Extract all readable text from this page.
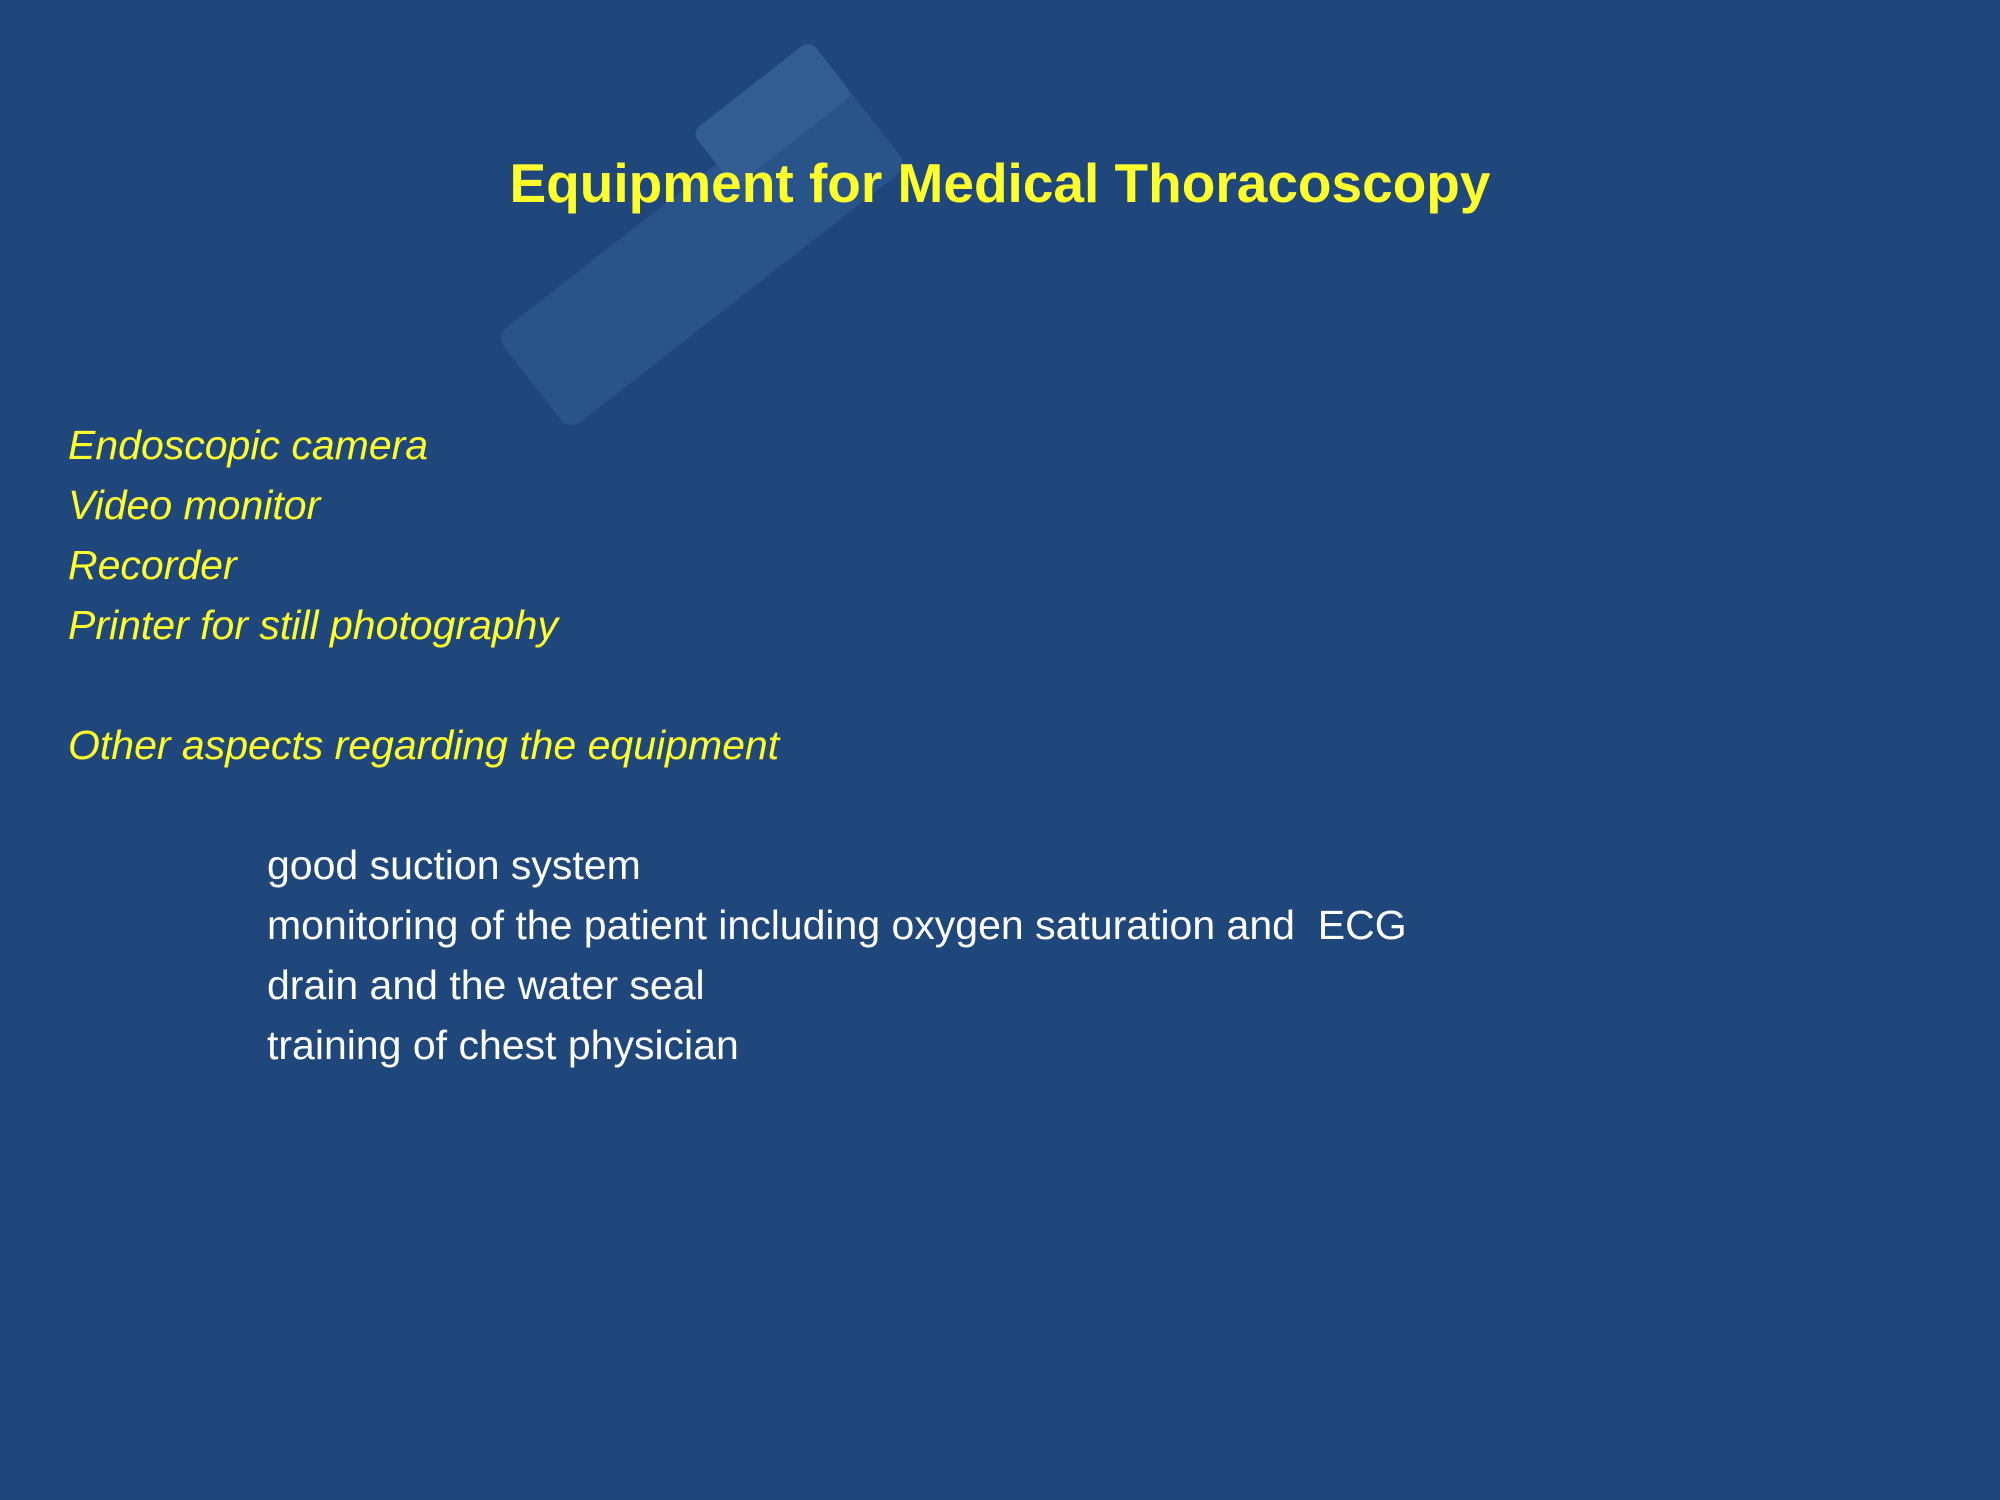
Equipment for Medical Thoracoscopy
Endoscopic camera
Video monitor
Recorder
Printer for still photography
Other aspects regarding the equipment
good suction system
monitoring of the patient including oxygen saturation and  ECG
drain and the water seal
training of chest physician
